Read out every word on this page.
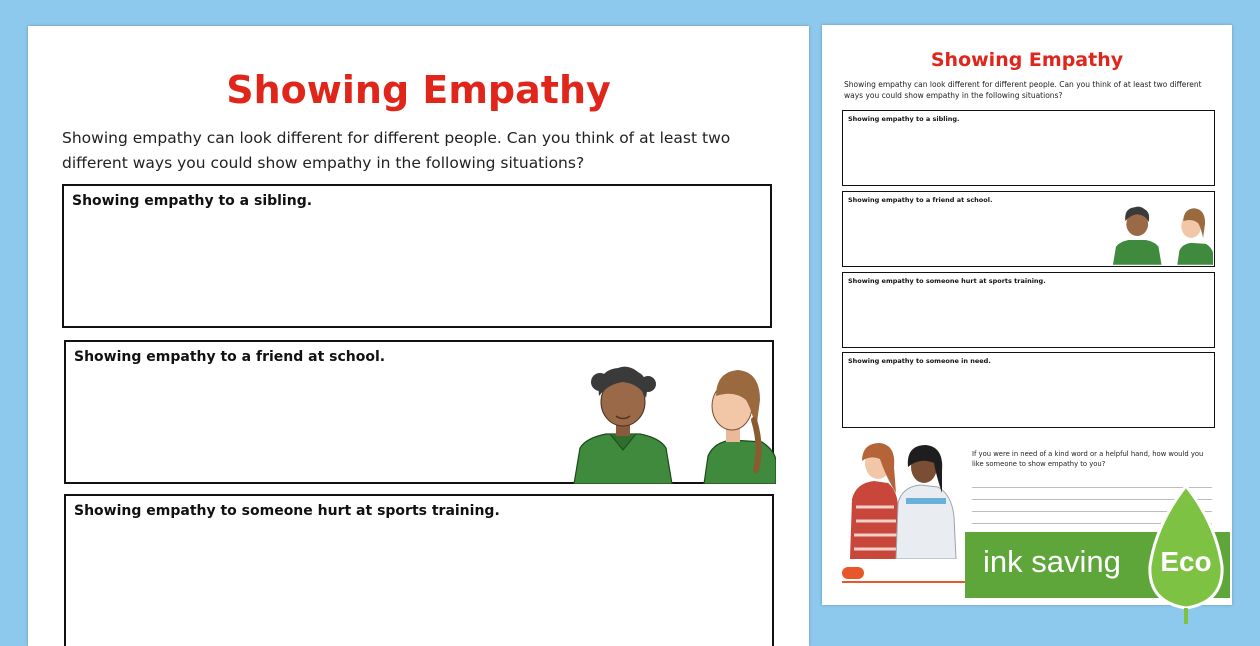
Showing Empathy
Showing empathy can look different for different people. Can you think of at least two different ways you could show empathy in the following situations?
Showing empathy to a sibling.
Showing empathy to a friend at school.
Showing empathy to someone hurt at sports training.
Showing Empathy
Showing empathy can look different for different people. Can you think of at least two different ways you could show empathy in the following situations?
Showing empathy to a sibling.
Showing empathy to a friend at school.
Showing empathy to someone hurt at sports training.
Showing empathy to someone in need.
If you were in need of a kind word or a helpful hand, how would you like someone to show empathy to you?
ink saving	Eco
